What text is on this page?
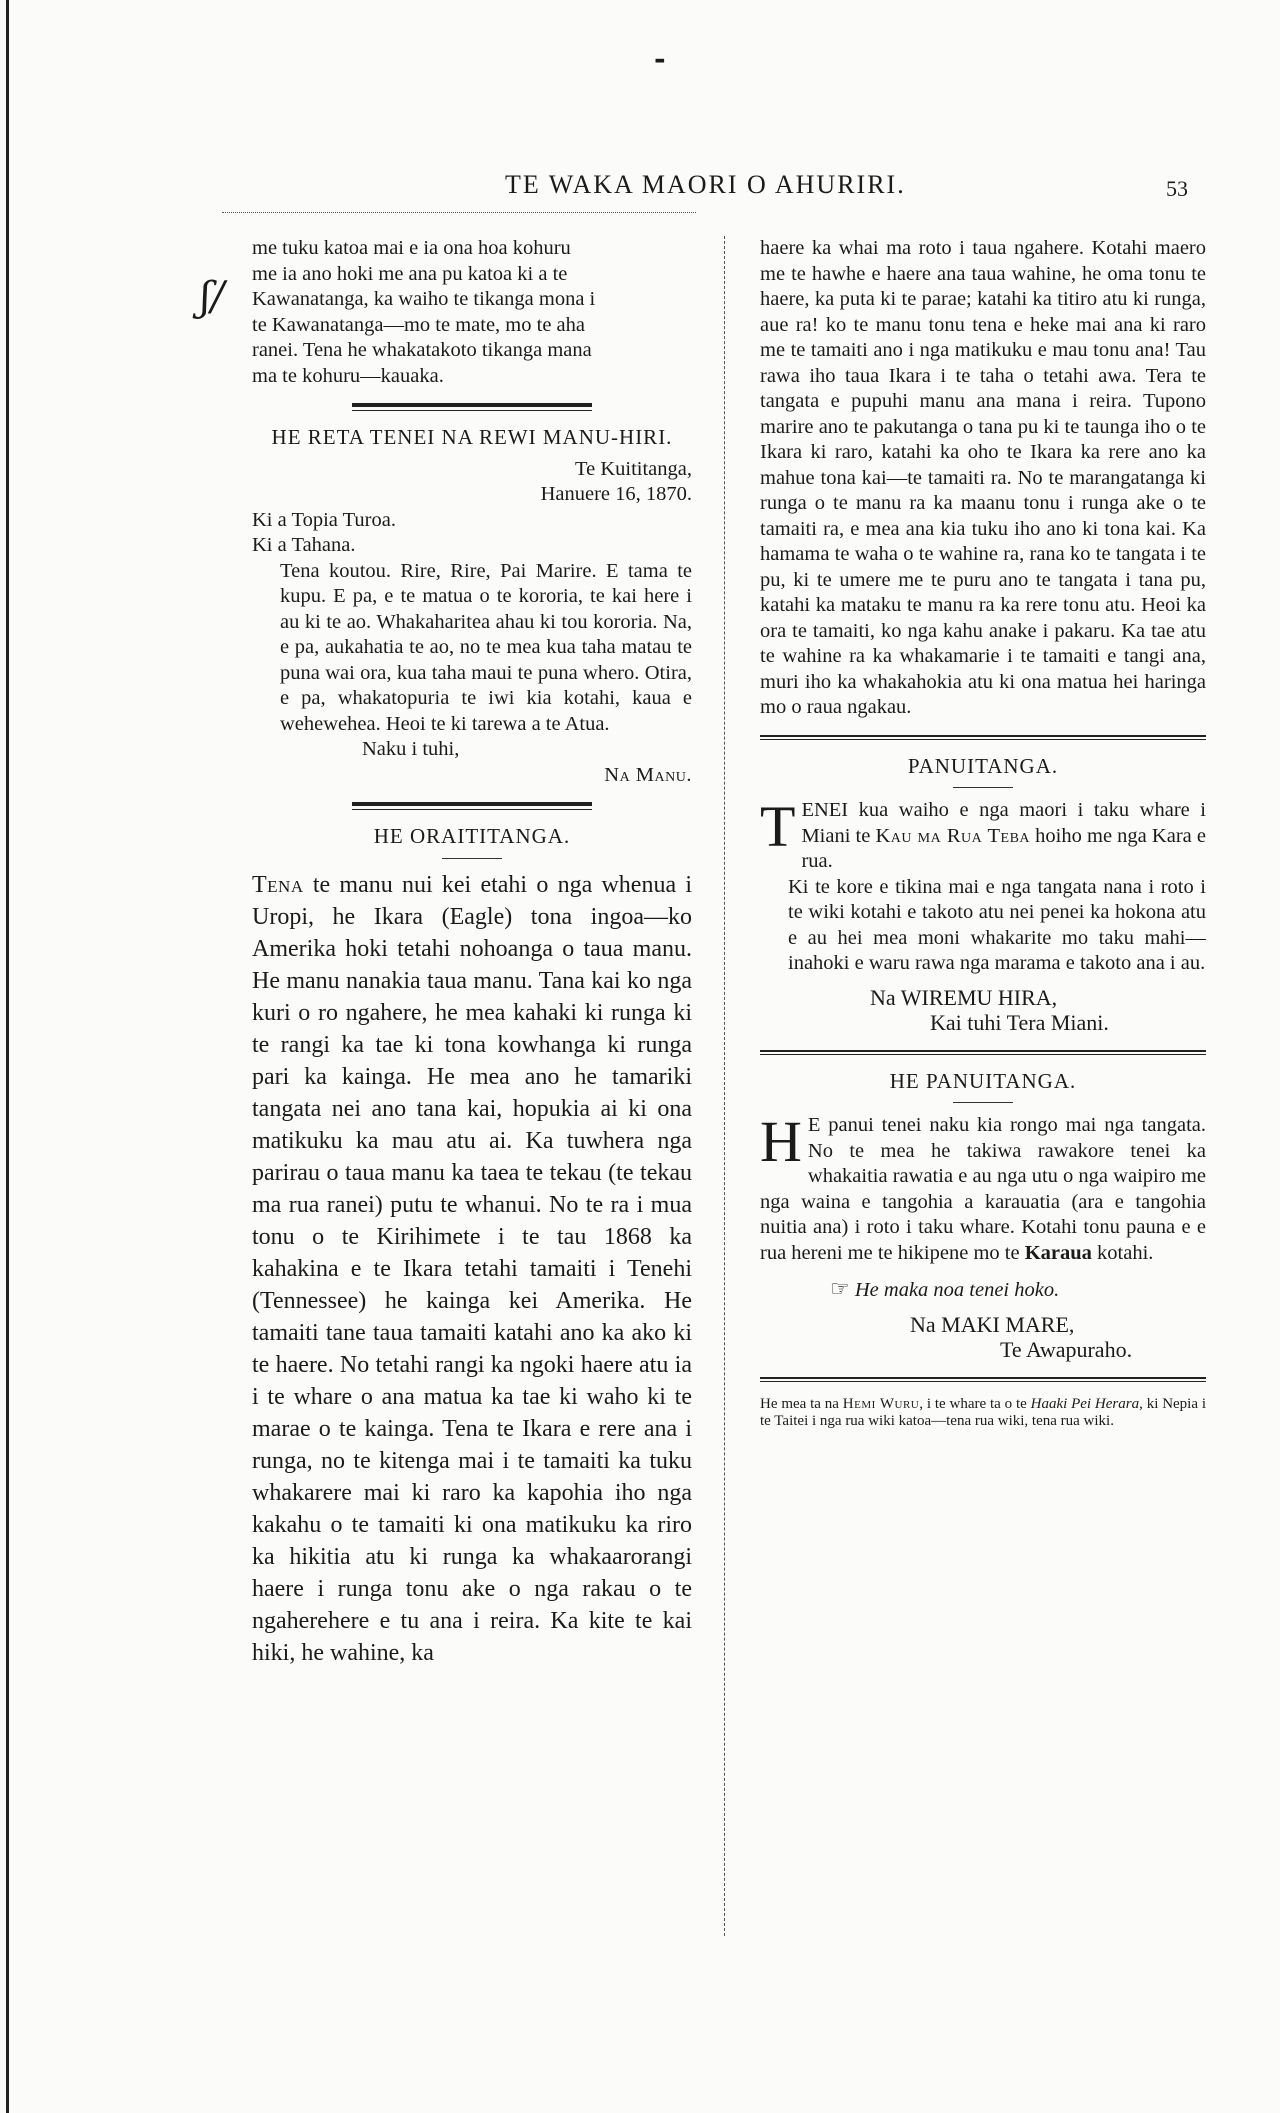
-
TE WAKA MAORI O AHURIRI.	53
ʃ/
me tuku katoa mai e ia ona hoa kohuru
me ia ano hoki me ana pu katoa ki a te
Kawanatanga, ka waiho te tikanga mona i
te Kawanatanga—mo te mate, mo te aha
ranei. Tena he whakatakoto tikanga mana
ma te kohuru—kauaka.
HE RETA TENEI NA REWI MANU-HIRI.
Te Kuititanga,
Hanuere 16, 1870.
Ki a Topia Turoa.
Ki a Tahana.

Tena koutou. Rire, Rire, Pai Marire. E tama te kupu. E pa, e te matua o te kororia, te kai here i au ki te ao. Whakaharitea ahau ki tou kororia. Na, e pa, aukahatia te ao, no te mea kua taha matau te puna wai ora, kua taha maui te puna whero. Otira, e pa, whakatopuria te iwi kia kotahi, kaua e wehewehea. Heoi te ki tarewa a te Atua.

Naku i tuhi,
Na Manu.
HE ORAITITANGA.

Tena te manu nui kei etahi o nga whenua i Uropi, he Ikara (Eagle) tona ingoa—ko Amerika hoki tetahi nohoanga o taua manu. He manu nanakia taua manu. Tana kai ko nga kuri o ro ngahere, he mea kahaki ki runga ki te rangi ka tae ki tona kowhanga ki runga pari ka kainga. He mea ano he tamariki tangata nei ano tana kai, hopukia ai ki ona matikuku ka mau atu ai. Ka tuwhera nga parirau o taua manu ka taea te tekau (te tekau ma rua ranei) putu te whanui. No te ra i mua tonu o te Kirihimete i te tau 1868 ka kahakina e te Ikara tetahi tamaiti i Tenehi (Tennessee) he kainga kei Amerika. He tamaiti tane taua tamaiti katahi ano ka ako ki te haere. No tetahi rangi ka ngoki haere atu ia i te whare o ana matua ka tae ki waho ki te marae o te kainga. Tena te Ikara e rere ana i runga, no te kitenga mai i te tamaiti ka tuku whakarere mai ki raro ka kapohia iho nga kakahu o te tamaiti ki ona matikuku ka riro ka hikitia atu ki runga ka whakaarorangi haere i runga tonu ake o nga rakau o te ngaherehere e tu ana i reira. Ka kite te kai hiki, he wahine, ka

haere ka whai ma roto i taua ngahere. Kotahi maero me te hawhe e haere ana taua wahine, he oma tonu te haere, ka puta ki te parae; katahi ka titiro atu ki runga, aue ra! ko te manu tonu tena e heke mai ana ki raro me te tamaiti ano i nga matikuku e mau tonu ana! Tau rawa iho taua Ikara i te taha o tetahi awa. Tera te tangata e pupuhi manu ana mana i reira. Tupono marire ano te pakutanga o tana pu ki te taunga iho o te Ikara ki raro, katahi ka oho te Ikara ka rere ano ka mahue tona kai—te tamaiti ra. No te marangatanga ki runga o te manu ra ka maanu tonu i runga ake o te tamaiti ra, e mea ana kia tuku iho ano ki tona kai. Ka hamama te waha o te wahine ra, rana ko te tangata i te pu, ki te umere me te puru ano te tangata i tana pu, katahi ka mataku te manu ra ka rere tonu atu. Heoi ka ora te tamaiti, ko nga kahu anake i pakaru. Ka tae atu te wahine ra ka whakamarie i te tamaiti e tangi ana, muri iho ka whakahokia atu ki ona matua hei haringa mo o raua ngakau.

PANUITANGA.

TENEI kua waiho e nga maori i taku whare i Miani te Kau ma Rua Teba hoiho me nga Kara e rua.

Ki te kore e tikina mai e nga tangata nana i roto i te wiki kotahi e takoto atu nei penei ka hokona atu e au hei mea moni whakarite mo taku mahi—inahoki e waru rawa nga marama e takoto ana i au.

Na WIREMU HIRA,
Kai tuhi Tera Miani.
HE PANUITANGA.

H E panui tenei naku kia rongo mai nga tangata. No te mea he takiwa rawakore tenei ka whakaitia rawatia e au nga utu o nga waipiro me nga waina e tangohia a karauatia (ara e tangohia nuitia ana) i roto i taku whare. Kotahi tonu pauna e e rua hereni me te hikipene mo te Karaua kotahi.

☞ He maka noa tenei hoko.
Na MAKI MARE,
Te Awapuraho.

He mea ta na Hemi Wuru, i te whare ta o te Haaki Pei Herara, ki Nepia i te Taitei i nga rua wiki katoa—tena rua wiki, tena rua wiki.
